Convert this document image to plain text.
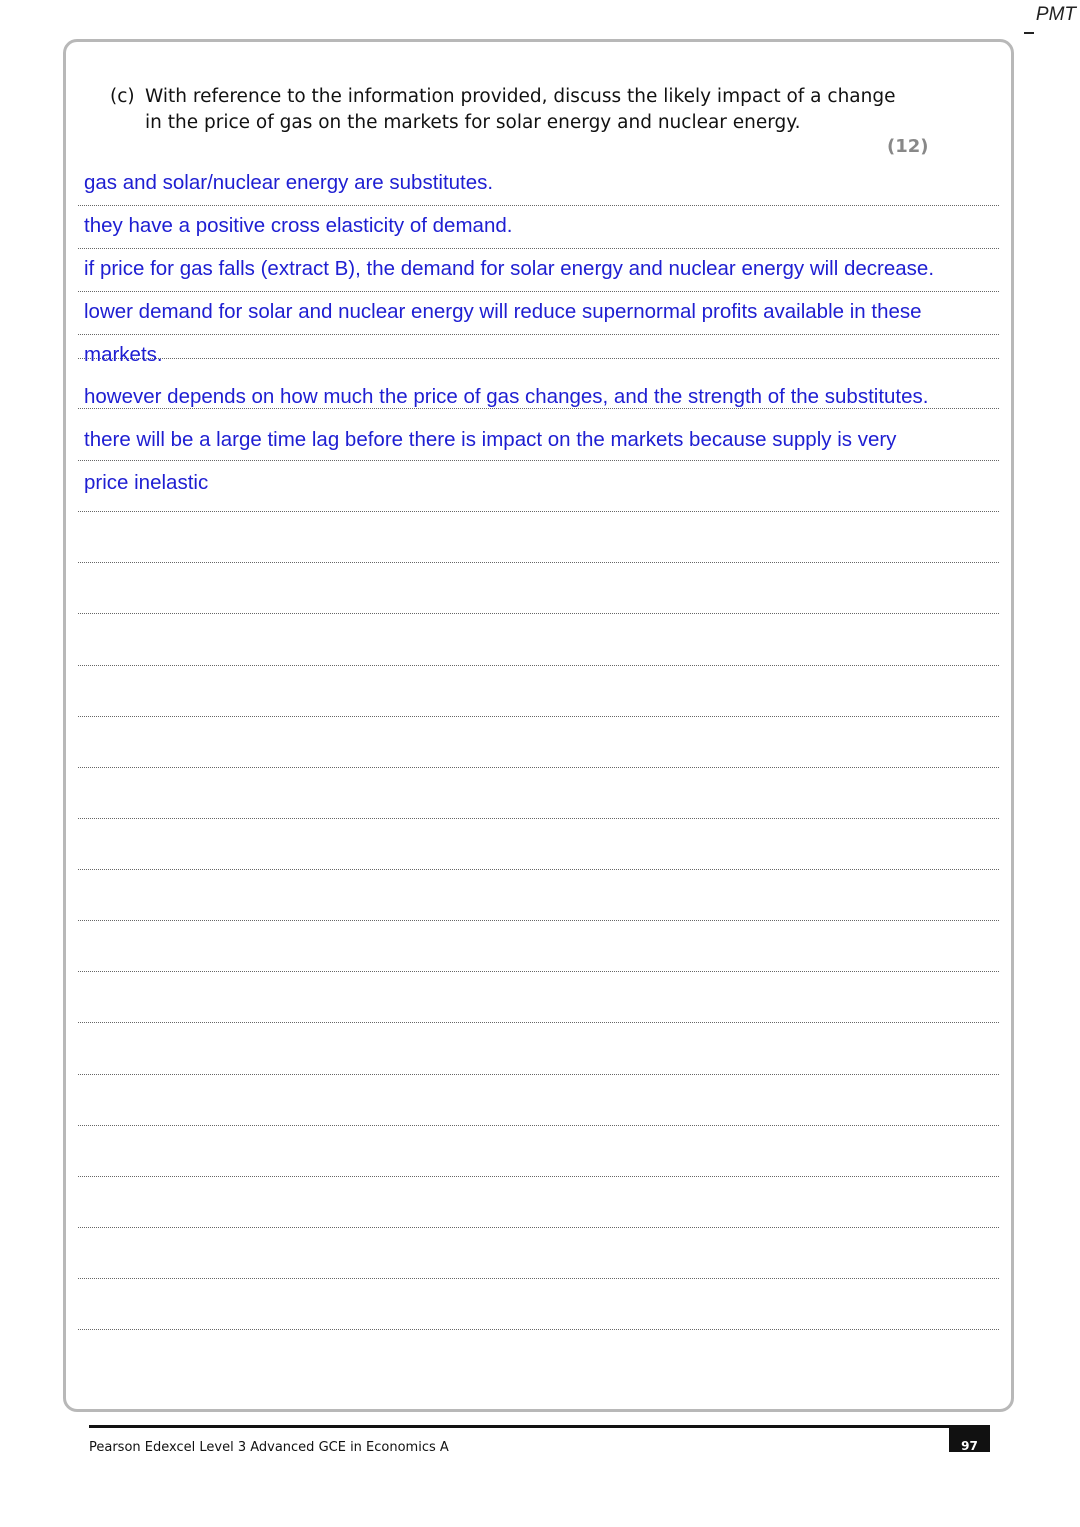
PMT
(c) With reference to the information provided, discuss the likely impact of a change
in the price of gas on the markets for solar energy and nuclear energy.
(12)
gas and solar/nuclear energy are substitutes.
they have a positive cross elasticity of demand.
if price for gas falls (extract B), the demand for solar energy and nuclear energy will decrease.
lower demand for solar and nuclear energy will reduce supernormal profits available in these
markets.
however depends on how much the price of gas changes, and the strength of the substitutes.
there will be a large time lag before there is impact on the markets because supply is very
price inelastic
Pearson Edexcel Level 3 Advanced GCE in Economics A	97
